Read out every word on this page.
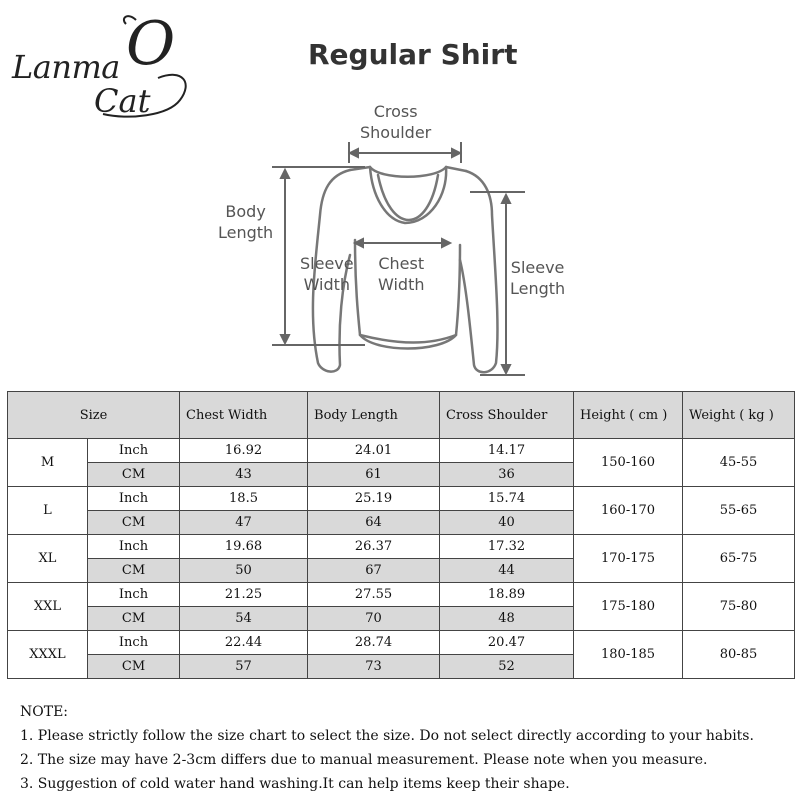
Lanma O
Cat
Regular Shirt
Cross
Shoulder
Body
Length
Sleeve
Width
Chest
Width
Sleeve
Length
Size		Chest Width	Body Length	Cross Shoulder	Height ( cm )	Weight ( kg )
M	Inch	16.92	24.01	14.17	150-160	45-55
	CM	43	61	36		
L	Inch	18.5	25.19	15.74	160-170	55-65
	CM	47	64	40		
XL	Inch	19.68	26.37	17.32	170-175	65-75
	CM	50	67	44		
XXL	Inch	21.25	27.55	18.89	175-180	75-80
	CM	54	70	48		
XXXL	Inch	22.44	28.74	20.47	180-185	80-85
	CM	57	73	52		
NOTE:
1. Please strictly follow the size chart to select the size. Do not select directly according to your habits.
2. The size may have 2-3cm differs due to manual measurement. Please note when you measure.
3. Suggestion of cold water hand washing.It can help items keep their shape.
